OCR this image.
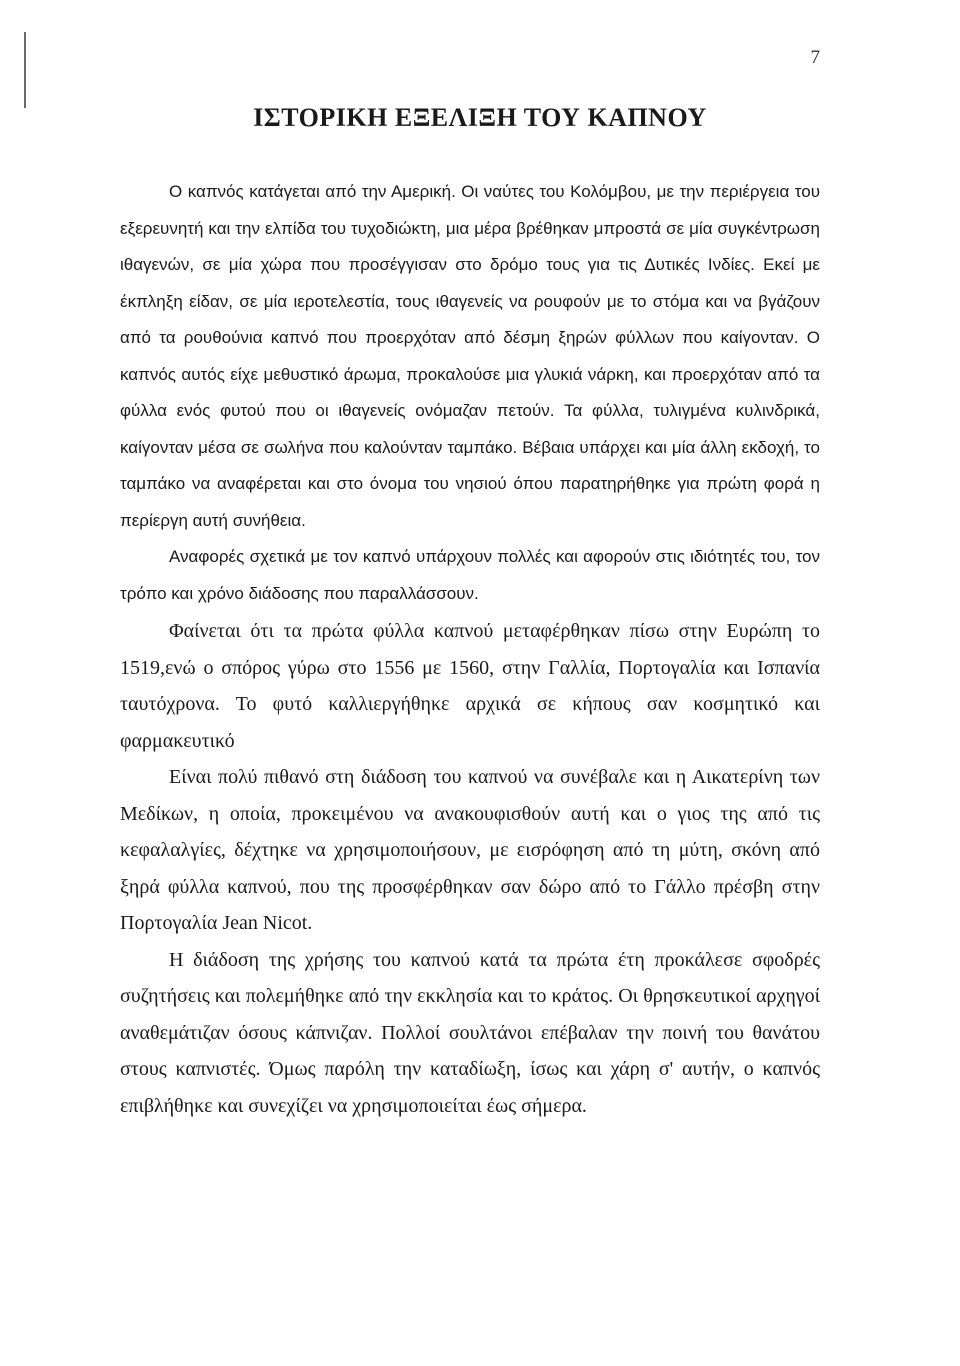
7
ΙΣΤΟΡΙΚΗ ΕΞΕΛΙΞΗ ΤΟΥ ΚΑΠΝΟΥ

Ο καπνός κατάγεται από την Αμερική. Οι ναύτες του Κολόμβου, με την περιέργεια του εξερευνητή και την ελπίδα του τυχοδιώκτη, μια μέρα βρέθηκαν μπροστά σε μία συγκέντρωση ιθαγενών, σε μία χώρα που προσέγγισαν στο δρόμο τους για τις Δυτικές Ινδίες. Εκεί με έκπληξη είδαν, σε μία ιεροτελεστία, τους ιθαγενείς να ρουφούν με το στόμα και να βγάζουν από τα ρουθούνια καπνό που προερχόταν από δέσμη ξηρών φύλλων που καίγονταν. Ο καπνός αυτός είχε μεθυστικό άρωμα, προκαλούσε μια γλυκιά νάρκη, και προερχόταν από τα φύλλα ενός φυτού που οι ιθαγενείς ονόμαζαν πετούν. Τα φύλλα, τυλιγμένα κυλινδρικά, καίγονταν μέσα σε σωλήνα που καλούνταν ταμπάκο. Βέβαια υπάρχει και μία άλλη εκδοχή, το ταμπάκο να αναφέρεται και στο όνομα του νησιού όπου παρατηρήθηκε για πρώτη φορά η περίεργη αυτή συνήθεια.

Αναφορές σχετικά με τον καπνό υπάρχουν πολλές και αφορούν στις ιδιότητές του, τον τρόπο και χρόνο διάδοσης που παραλλάσσουν.

Φαίνεται ότι τα πρώτα φύλλα καπνού μεταφέρθηκαν πίσω στην Ευρώπη το 1519,ενώ ο σπόρος γύρω στο 1556 με 1560, στην Γαλλία, Πορτογαλία και Ισπανία ταυτόχρονα. Το φυτό καλλιεργήθηκε αρχικά σε κήπους σαν κοσμητικό και φαρμακευτικό

Είναι πολύ πιθανό στη διάδοση του καπνού να συνέβαλε και η Αικατερίνη των Μεδίκων, η οποία, προκειμένου να ανακουφισθούν αυτή και ο γιος της από τις κεφαλαλγίες, δέχτηκε να χρησιμοποιήσουν, με εισρόφηση από τη μύτη, σκόνη από ξηρά φύλλα καπνού, που της προσφέρθηκαν σαν δώρο από το Γάλλο πρέσβη στην Πορτογαλία Jean Nicot.

Η διάδοση της χρήσης του καπνού κατά τα πρώτα έτη προκάλεσε σφοδρές συζητήσεις και πολεμήθηκε από την εκκλησία και το κράτος. Οι θρησκευτικοί αρχηγοί αναθεμάτιζαν όσους κάπνιζαν. Πολλοί σουλτάνοι επέβαλαν την ποινή του θανάτου στους καπνιστές. Όμως παρόλη την καταδίωξη, ίσως και χάρη σ' αυτήν, ο καπνός επιβλήθηκε και συνεχίζει να χρησιμοποιείται έως σήμερα.
